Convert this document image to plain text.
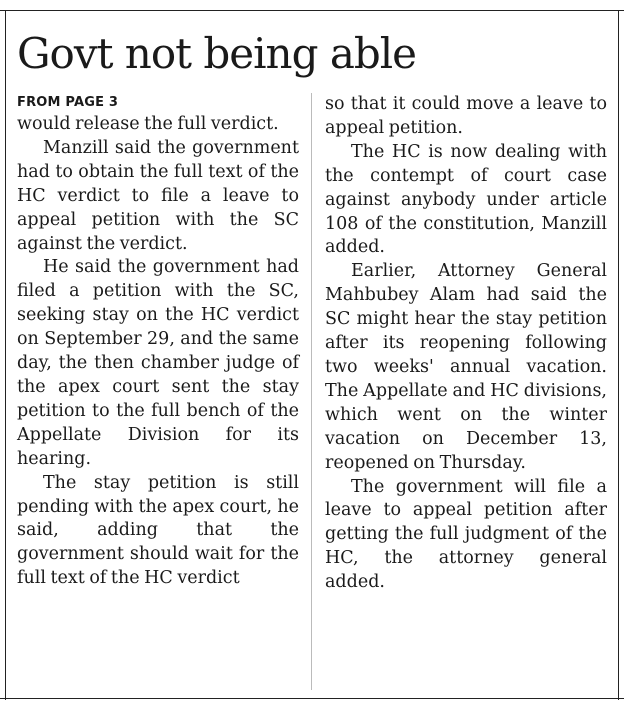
Govt not being able
FROM PAGE 3

would release the full verdict.

Manzill said the government had to obtain the full text of the HC verdict to file a leave to appeal petition with the SC against the verdict.

He said the government had filed a petition with the SC, seeking stay on the HC verdict on September 29, and the same day, the then chamber judge of the apex court sent the stay petition to the full bench of the Appellate Division for its hearing.

The stay petition is still pending with the apex court, he said, adding that the government should wait for the full text of the HC verdict

so that it could move a leave to appeal petition.

The HC is now dealing with the contempt of court case against anybody under article 108 of the constitution, Manzill added.

Earlier, Attorney General Mahbubey Alam had said the SC might hear the stay petition after its reopening following two weeks' annual vacation. The Appellate and HC divisions, which went on the winter vacation on December 13, reopened on Thursday.

The government will file a leave to appeal petition after getting the full judgment of the HC, the attorney general added.
